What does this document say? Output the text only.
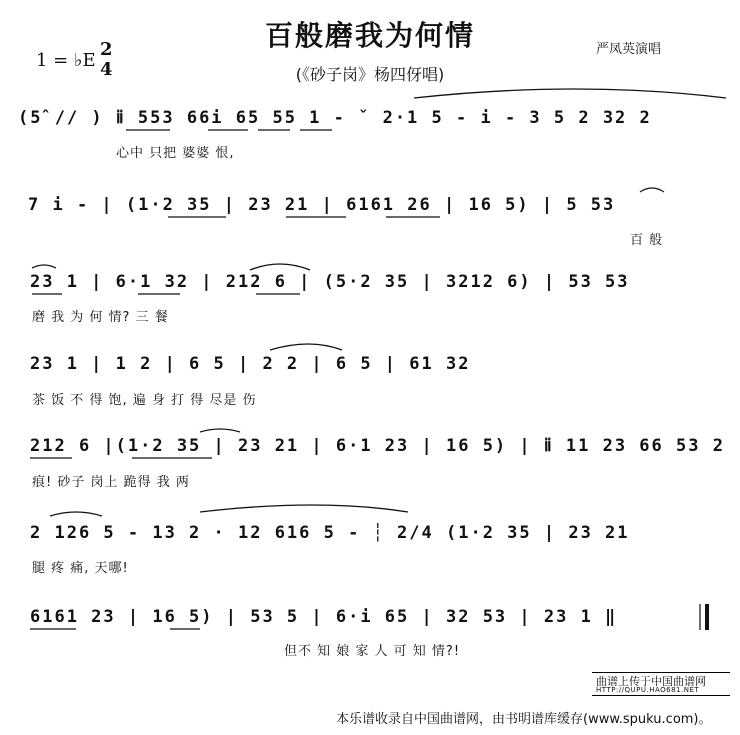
百般磨我为何情
(《砂子岗》杨四伢唱)
严凤英演唱
1 = ♭E
2
4
(5̂ // ) ⅱ 553 66i 65 55 1 - ˇ 2·1 5 - i - 3 5 2 32 2
心中 只把 婆婆 恨,
7 i - | (1·2 35 | 23 21 | 6161 26 | 16 5) | 5 53
百 般
23 1 | 6·1 32 | 212 6 | (5·2 35 | 3212 6) | 53 53
磨 我 为 何 情? 三 餐
23 1 | 1 2 | 6 5 | 2 2 | 6 5 | 61 32
茶 饭 不 得 饱, 遍 身 打 得 尽是 伤
212 6 |(1·2 35 | 23 21 | 6·1 23 | 16 5) | ⅱ 11 23 66 53 2
痕! 砂子 岗上 跪得 我 两
2 126 5 - 13 2 · 12 616 5 - ┆ 2/4 (1·2 35 | 23 21
腿 疼 痛, 天哪!
6161 23 | 16 5) | 53 5 | 6·i 65 | 32 53 | 23 1 ‖
但不 知 娘 家 人 可 知 情?!
曲谱上传于中国曲谱网
HTTP://QUPU.HAO681.NET
本乐谱收录自中国曲谱网，由书明谱库缓存(www.spuku.com)。
